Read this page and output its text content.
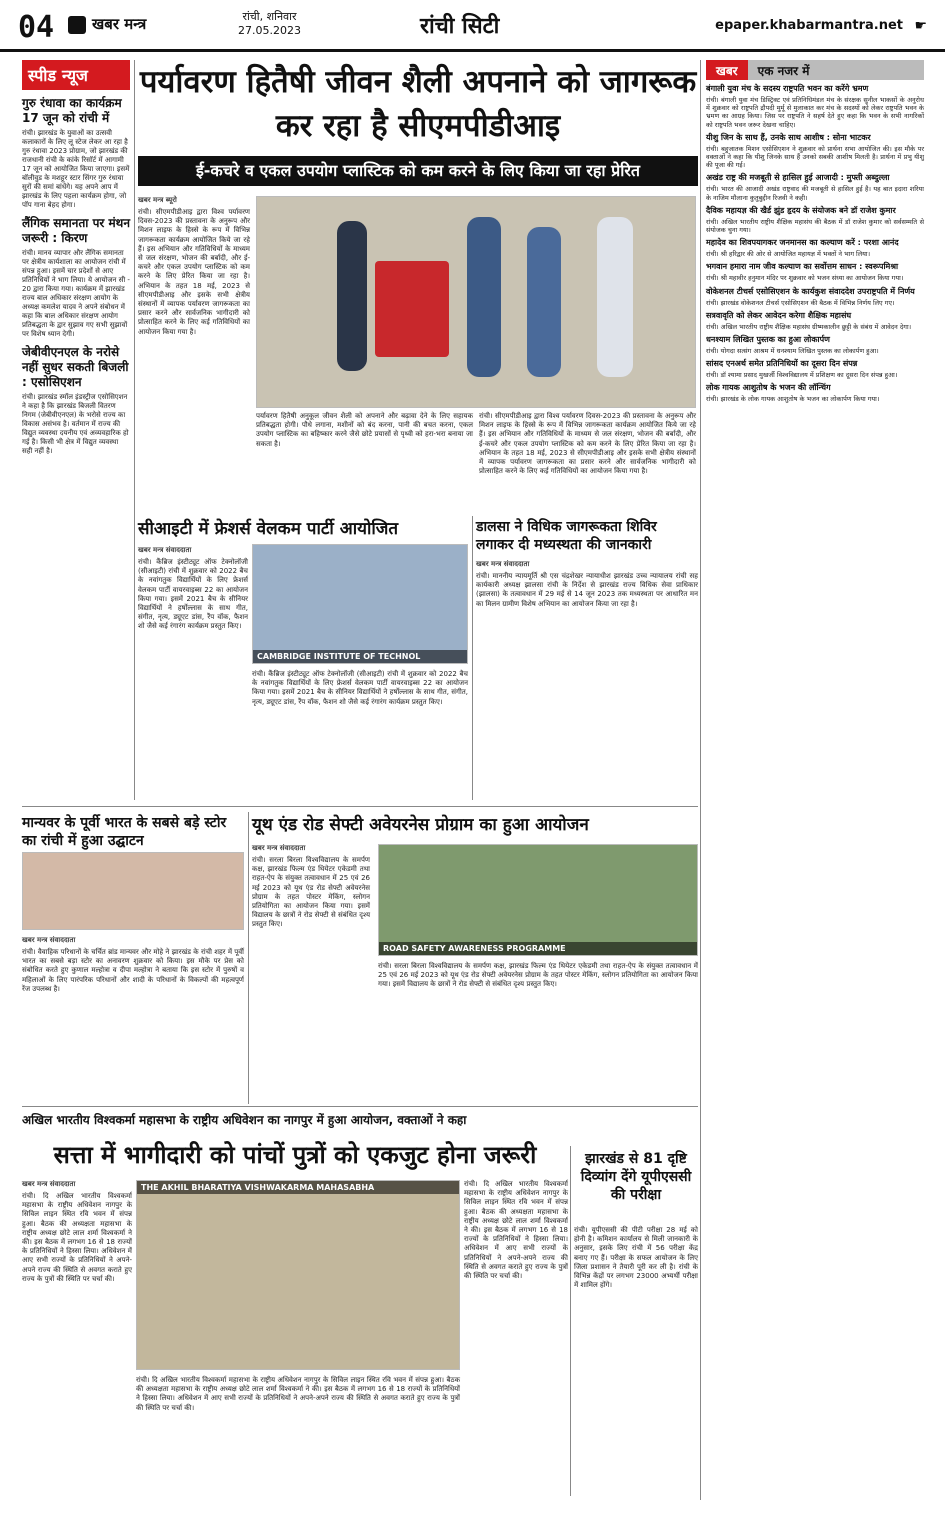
04	खबर मन्त्र	रांची, शनिवार
27.05.2023	रांची सिटी	epaper.khabarmantra.net ☛
स्पीड न्यूज
गुरु रंधावा का कार्यक्रम 17 जून को रांची में
रांची। झारखंड के युवाओं का उत्सवी कलाकारों के लिए लू स्टेज लेकर आ रहा है गुरु रंधावा 2023 प्रोग्राम, जो झारखंड की राजधानी रांची के कांके रिसॉर्ट में आगामी 17 जून को आयोजित किया जाएगा। इसमें बॉलीवुड के मशहूर स्टार सिंगर गुरु रंधावा सुरों की समां बांधेंगे। यह अपने आप में झारखंड के लिए पहला कार्यक्रम होगा, जो पॉप गाना बेहद होगा।
लैंगिक समानता पर मंथन जरूरी : किरण
रांची। मानव व्यापार और लैंगिक समानता पर क्षेत्रीय कार्यशाला का आयोजन रांची में संपन्न हुआ। इसमें चार प्रदेशों से आए प्रतिनिधियों ने भाग लिया। ये आयोजन सी - 20 द्वारा किया गया। कार्यक्रम में झारखंड राज्य बाल अधिकार संरक्षण आयोग के अध्यक्ष कमलेश यादव ने अपने संबोधन में कहा कि बाल अधिकार संरक्षण आयोग प्रतिबद्धता के द्वार सुझाव गए सभी सुझावों पर विशेष ध्यान देगी।
जेबीवीएनएल के नरोसे नहीं सुधर सकती बिजली : एसोसिएशन
रांची। झारखंड स्मॉल इंडस्ट्रीज एसोसिएशन ने कहा है कि झारखंड बिजली वितरण निगम (जेबीवीएनएल) के भरोसे राज्य का विकास असंभव है। वर्तमान में राज्य की विद्युत व्यवस्था दयनीय एवं अव्यवहारिक हो गई है। किसी भी क्षेत्र में विद्युत व्यवस्था सही नहीं है।
पर्यावरण हितैषी जीवन शैली अपनाने को जागरूक कर रहा है सीएमपीडीआइ
ई-कचरे व एकल उपयोग प्लास्टिक को कम करने के लिए किया जा रहा प्रेरित
खबर मन्त्र ब्यूरो
रांची। सीएमपीडीआइ द्वारा विश्व पर्यावरण दिवस-2023 की प्रस्तावना के अनुरूप और मिशन लाइफ के हिस्से के रूप में विभिन्न जागरूकता कार्यक्रम आयोजित किये जा रहे हैं। इस अभियान और गतिविधियों के माध्यम से जल संरक्षण, भोजन की बर्बादी, और ई-कचरे और एकल उपयोग प्लास्टिक को कम करने के लिए प्रेरित किया जा रहा है। अभियान के तहत 18 मई, 2023 से सीएमपीडीआइ और इसके सभी क्षेत्रीय संस्थानों में व्यापक पर्यावरण जागरूकता का प्रसार करने और सार्वजनिक भागीदारी को प्रोत्साहित करने के लिए कई गतिविधियों का आयोजन किया गया है।
पर्यावरण हितैषी अनुकूल जीवन शैली को अपनाने और बढ़ावा देने के लिए सहायक प्रतिबद्धता होगी। पौधे लगाना, मशीनों को बंद करना, पानी की बचत करना, एकल उपयोग प्लास्टिक का बहिष्कार करने जैसे छोटे प्रयासों से पृथ्वी को हरा-भरा बनाया जा सकता है।
रांची। सीएमपीडीआइ द्वारा विश्व पर्यावरण दिवस-2023 की प्रस्तावना के अनुरूप और मिशन लाइफ के हिस्से के रूप में विभिन्न जागरूकता कार्यक्रम आयोजित किये जा रहे हैं। इस अभियान और गतिविधियों के माध्यम से जल संरक्षण, भोजन की बर्बादी, और ई-कचरे और एकल उपयोग प्लास्टिक को कम करने के लिए प्रेरित किया जा रहा है। अभियान के तहत 18 मई, 2023 से सीएमपीडीआइ और इसके सभी क्षेत्रीय संस्थानों में व्यापक पर्यावरण जागरूकता का प्रसार करने और सार्वजनिक भागीदारी को प्रोत्साहित करने के लिए कई गतिविधियों का आयोजन किया गया है।
सीआइटी में फ्रेशर्स वेलकम पार्टी आयोजित
खबर मन्त्र संवाददाता
रांची। कैंब्रिज इंस्टीट्यूट ऑफ टेक्नोलॉजी (सीआइटी) रांची में शुक्रवार को 2022 बैच के नवांगतुक विद्यार्थियों के लिए फ्रेशर्स वेलकम पार्टी वायरवाइब्स 22 का आयोजन किया गया। इसमें 2021 बैच के सीनियर विद्यार्थियों ने हर्षोल्लास के साथ गीत, संगीत, नृत्य, ड्यूएट डांस, रैंप वॉक, फैशन शो जैसे कई रंगारंग कार्यक्रम प्रस्तुत किए।
CAMBRIDGE INSTITUTE OF TECHNOL
रांची। कैंब्रिज इंस्टीट्यूट ऑफ टेक्नोलॉजी (सीआइटी) रांची में शुक्रवार को 2022 बैच के नवांगतुक विद्यार्थियों के लिए फ्रेशर्स वेलकम पार्टी वायरवाइब्स 22 का आयोजन किया गया। इसमें 2021 बैच के सीनियर विद्यार्थियों ने हर्षोल्लास के साथ गीत, संगीत, नृत्य, ड्यूएट डांस, रैंप वॉक, फैशन शो जैसे कई रंगारंग कार्यक्रम प्रस्तुत किए।
डालसा ने विधिक जागरूकता शिविर लगाकर दी मध्यस्थता की जानकारी
खबर मन्त्र संवाददाता
रांची। माननीय न्यायमूर्ति श्री एस चंद्रशेखर न्यायाधीश झारखंड उच्च न्यायालय रांची सह कार्यकारी अध्यक्ष झालसा रांची के निर्देश से झारखंड राज्य विधिक सेवा प्राधिकार (झालसा) के तत्वावधान में 29 मई से 14 जून 2023 तक मध्यस्थता पर आधारित मन का मिलन ग्रामीण विशेष अभियान का आयोजन किया जा रहा है।
मान्यवर के पूर्वी भारत के सबसे बड़े स्टोर का रांची में हुआ उद्घाटन
खबर मन्त्र संवाददाता
रांची। वैवाहिक परिधानों के चर्चित ब्रांड मान्यवर और मोहे ने झारखंड के रांची शहर में पूर्वी भारत का सबसे बड़ा स्टोर का अनावरण शुक्रवार को किया। इस मौके पर प्रेस को संबोधित करते हुए कुणाल मल्होत्रा व दीपा मल्होत्रा ने बताया कि इस स्टोर में पुरुषों व महिलाओं के लिए पारंपरिक परिधानों और शादी के परिधानों के विकल्पों की महत्वपूर्ण रेंज उपलब्ध है।
यूथ एंड रोड सेफ्टी अवेयरनेस प्रोग्राम का हुआ आयोजन
खबर मन्त्र संवाददाता
रांची। सरला बिरला विश्वविद्यालय के समर्पण कक्ष, झारखंड फिल्म एंड थियेटर एकेडमी तथा राहत-ऐप के संयुक्त तत्वावधान में 25 एवं 26 मई 2023 को यूथ एंड रोड सेफ्टी अवेयरनेस प्रोग्राम के तहत पोस्टर मेकिंग, स्लोगन प्रतियोगिता का आयोजन किया गया। इसमें विद्यालय के छात्रों ने रोड सेफ्टी से संबंधित दृश्य प्रस्तुत किए।
ROAD SAFETY AWARENESS PROGRAMME
रांची। सरला बिरला विश्वविद्यालय के समर्पण कक्ष, झारखंड फिल्म एंड थियेटर एकेडमी तथा राहत-ऐप के संयुक्त तत्वावधान में 25 एवं 26 मई 2023 को यूथ एंड रोड सेफ्टी अवेयरनेस प्रोग्राम के तहत पोस्टर मेकिंग, स्लोगन प्रतियोगिता का आयोजन किया गया। इसमें विद्यालय के छात्रों ने रोड सेफ्टी से संबंधित दृश्य प्रस्तुत किए।
झारखंड से 81 दृष्टि दिव्यांग देंगे यूपीएससी की परीक्षा
रांची। यूपीएससी की पीटी परीक्षा 28 मई को होनी है। कमिशन कार्यालय से मिली जानकारी के अनुसार, इसके लिए रांची में 56 परीक्षा केंद्र बनाए गए हैं। परीक्षा के सफल आयोजन के लिए जिला प्रशासन ने तैयारी पूरी कर ली है। रांची के विभिन्न केंद्रों पर लगभग 23000 अभ्यर्थी परीक्षा में शामिल होंगे।
अखिल भारतीय विश्वकर्मा महासभा के राष्ट्रीय अधिवेशन का नागपुर में हुआ आयोजन, वक्ताओं ने कहा
सत्ता में भागीदारी को पांचों पुत्रों को एकजुट होना जरूरी
खबर मन्त्र संवाददाता
रांची। दि अखिल भारतीय विश्वकर्मा महासभा के राष्ट्रीय अधिवेशन नागपुर के सिविल लाइन स्थित रवि भवन में संपन्न हुआ। बैठक की अध्यक्षता महासभा के राष्ट्रीय अध्यक्ष छोटे लाल शर्मा विश्वकर्मा ने की। इस बैठक में लगभग 16 से 18 राज्यों के प्रतिनिधियों ने हिस्सा लिया। अधिवेशन में आए सभी राज्यों के प्रतिनिधियों ने अपने-अपने राज्य की स्थिति से अवगत कराते हुए राज्य के पुत्रों की स्थिति पर चर्चा की।
THE AKHIL BHARATIYA VISHWAKARMA MAHASABHA
रांची। दि अखिल भारतीय विश्वकर्मा महासभा के राष्ट्रीय अधिवेशन नागपुर के सिविल लाइन स्थित रवि भवन में संपन्न हुआ। बैठक की अध्यक्षता महासभा के राष्ट्रीय अध्यक्ष छोटे लाल शर्मा विश्वकर्मा ने की। इस बैठक में लगभग 16 से 18 राज्यों के प्रतिनिधियों ने हिस्सा लिया। अधिवेशन में आए सभी राज्यों के प्रतिनिधियों ने अपने-अपने राज्य की स्थिति से अवगत कराते हुए राज्य के पुत्रों की स्थिति पर चर्चा की।
रांची। दि अखिल भारतीय विश्वकर्मा महासभा के राष्ट्रीय अधिवेशन नागपुर के सिविल लाइन स्थित रवि भवन में संपन्न हुआ। बैठक की अध्यक्षता महासभा के राष्ट्रीय अध्यक्ष छोटे लाल शर्मा विश्वकर्मा ने की। इस बैठक में लगभग 16 से 18 राज्यों के प्रतिनिधियों ने हिस्सा लिया। अधिवेशन में आए सभी राज्यों के प्रतिनिधियों ने अपने-अपने राज्य की स्थिति से अवगत कराते हुए राज्य के पुत्रों की स्थिति पर चर्चा की।
खबर	एक नजर में
बंगाली युवा मंच के सदस्य राष्ट्रपति भवन का करेंगे भ्रमण
रांची। बंगाली युवा मंच डिस्ट्रिक्ट एवं प्रतिनिधिमंडल मंच के संरक्षक सुनील भाकसों के अनुरोध में शुक्रवार को राष्ट्रपति द्रौपदी मुर्मू से मुलाकात कर मंच के सदस्यों को लेकर राष्ट्रपति भवन के भ्रमण का आग्रह किया। जिस पर राष्ट्रपति ने सहर्ष देते हुए कहा कि भवन के सभी नागरिकों को राष्ट्रपति भवन जरूर देखना चाहिए।
यीशु जिन के साथ हैं, उनके साथ आशीष : सोना भाटकर
रांची। बहुजातक मिशन एसोसिएशन ने शुक्रवार को प्रार्थना सभा आयोजित की। इस मौके पर वक्ताओं ने कहा कि यीशु जिनके साथ हैं उनको सबकी आशीष मिलती है। प्रार्थना में प्रभु यीशु की पूजा की गई।
अखंड राष्ट्र की मजबूती से हासिल हुई आजादी : मुफ्ती अब्दुल्ला
रांची। भारत की आजादी अखंड राष्ट्रवाद की मजबूती से हासिल हुई है। यह बात इदारा शरिया के नाजिम मौलाना कुतुबुद्दीन रिजवी ने कही।
दैविक महायज्ञ की खैर्ड झुंड हृदय के संयोजक बने डॉ राजेश कुमार
रांची। अखिल भारतीय राष्ट्रीय शैक्षिक महासंघ की बैठक में डॉ राजेश कुमार को सर्वसम्मति से संयोजक चुना गया।
महादेव का शिवपयागकर जनमानस का कल्याण करें : परशा आनंद
रांची। श्री हरिद्वार की ओर से आयोजित महायज्ञ में भक्तों ने भाग लिया।
भगवान हमारा नाम जीव कल्याण का सर्वोत्तम साधन : स्वरूपमिश्रा
रांची। श्री महावीर हनुमान मंदिर पर शुक्रवार को भजन संध्या का आयोजन किया गया।
वोकेशनल टीचर्स एसोसिएशन के कार्यकुश संवाददेश उपराष्ट्रपति में निर्णय
रांची। झारखंड वोकेशनल टीचर्स एसोसिएशन की बैठक में विभिन्न निर्णय लिए गए।
सत्रवावृति को लेकर आवेदन करेगा शैक्षिक महासंघ
रांची। अखिल भारतीय राष्ट्रीय शैक्षिक महासंघ ग्रीष्मकालीन छुट्टी के संबंध में आवेदन देगा।
धनश्याम लिखित पुस्तक का हुआ लोकार्पण
रांची। योगदा सत्संग आश्रम में धनश्याम लिखित पुस्तक का लोकार्पण हुआ।
सांसद एनअर्थ समेत प्रतिनिधियों का दूसरा दिन संपन्न
रांची। डॉ श्यामा प्रसाद मुखर्जी विश्वविद्यालय में प्रशिक्षण का दूसरा दिन संपन्न हुआ।
लोक गायक आशुतोष के भजन की लॉन्चिंग
रांची। झारखंड के लोक गायक आशुतोष के भजन का लोकार्पण किया गया।
